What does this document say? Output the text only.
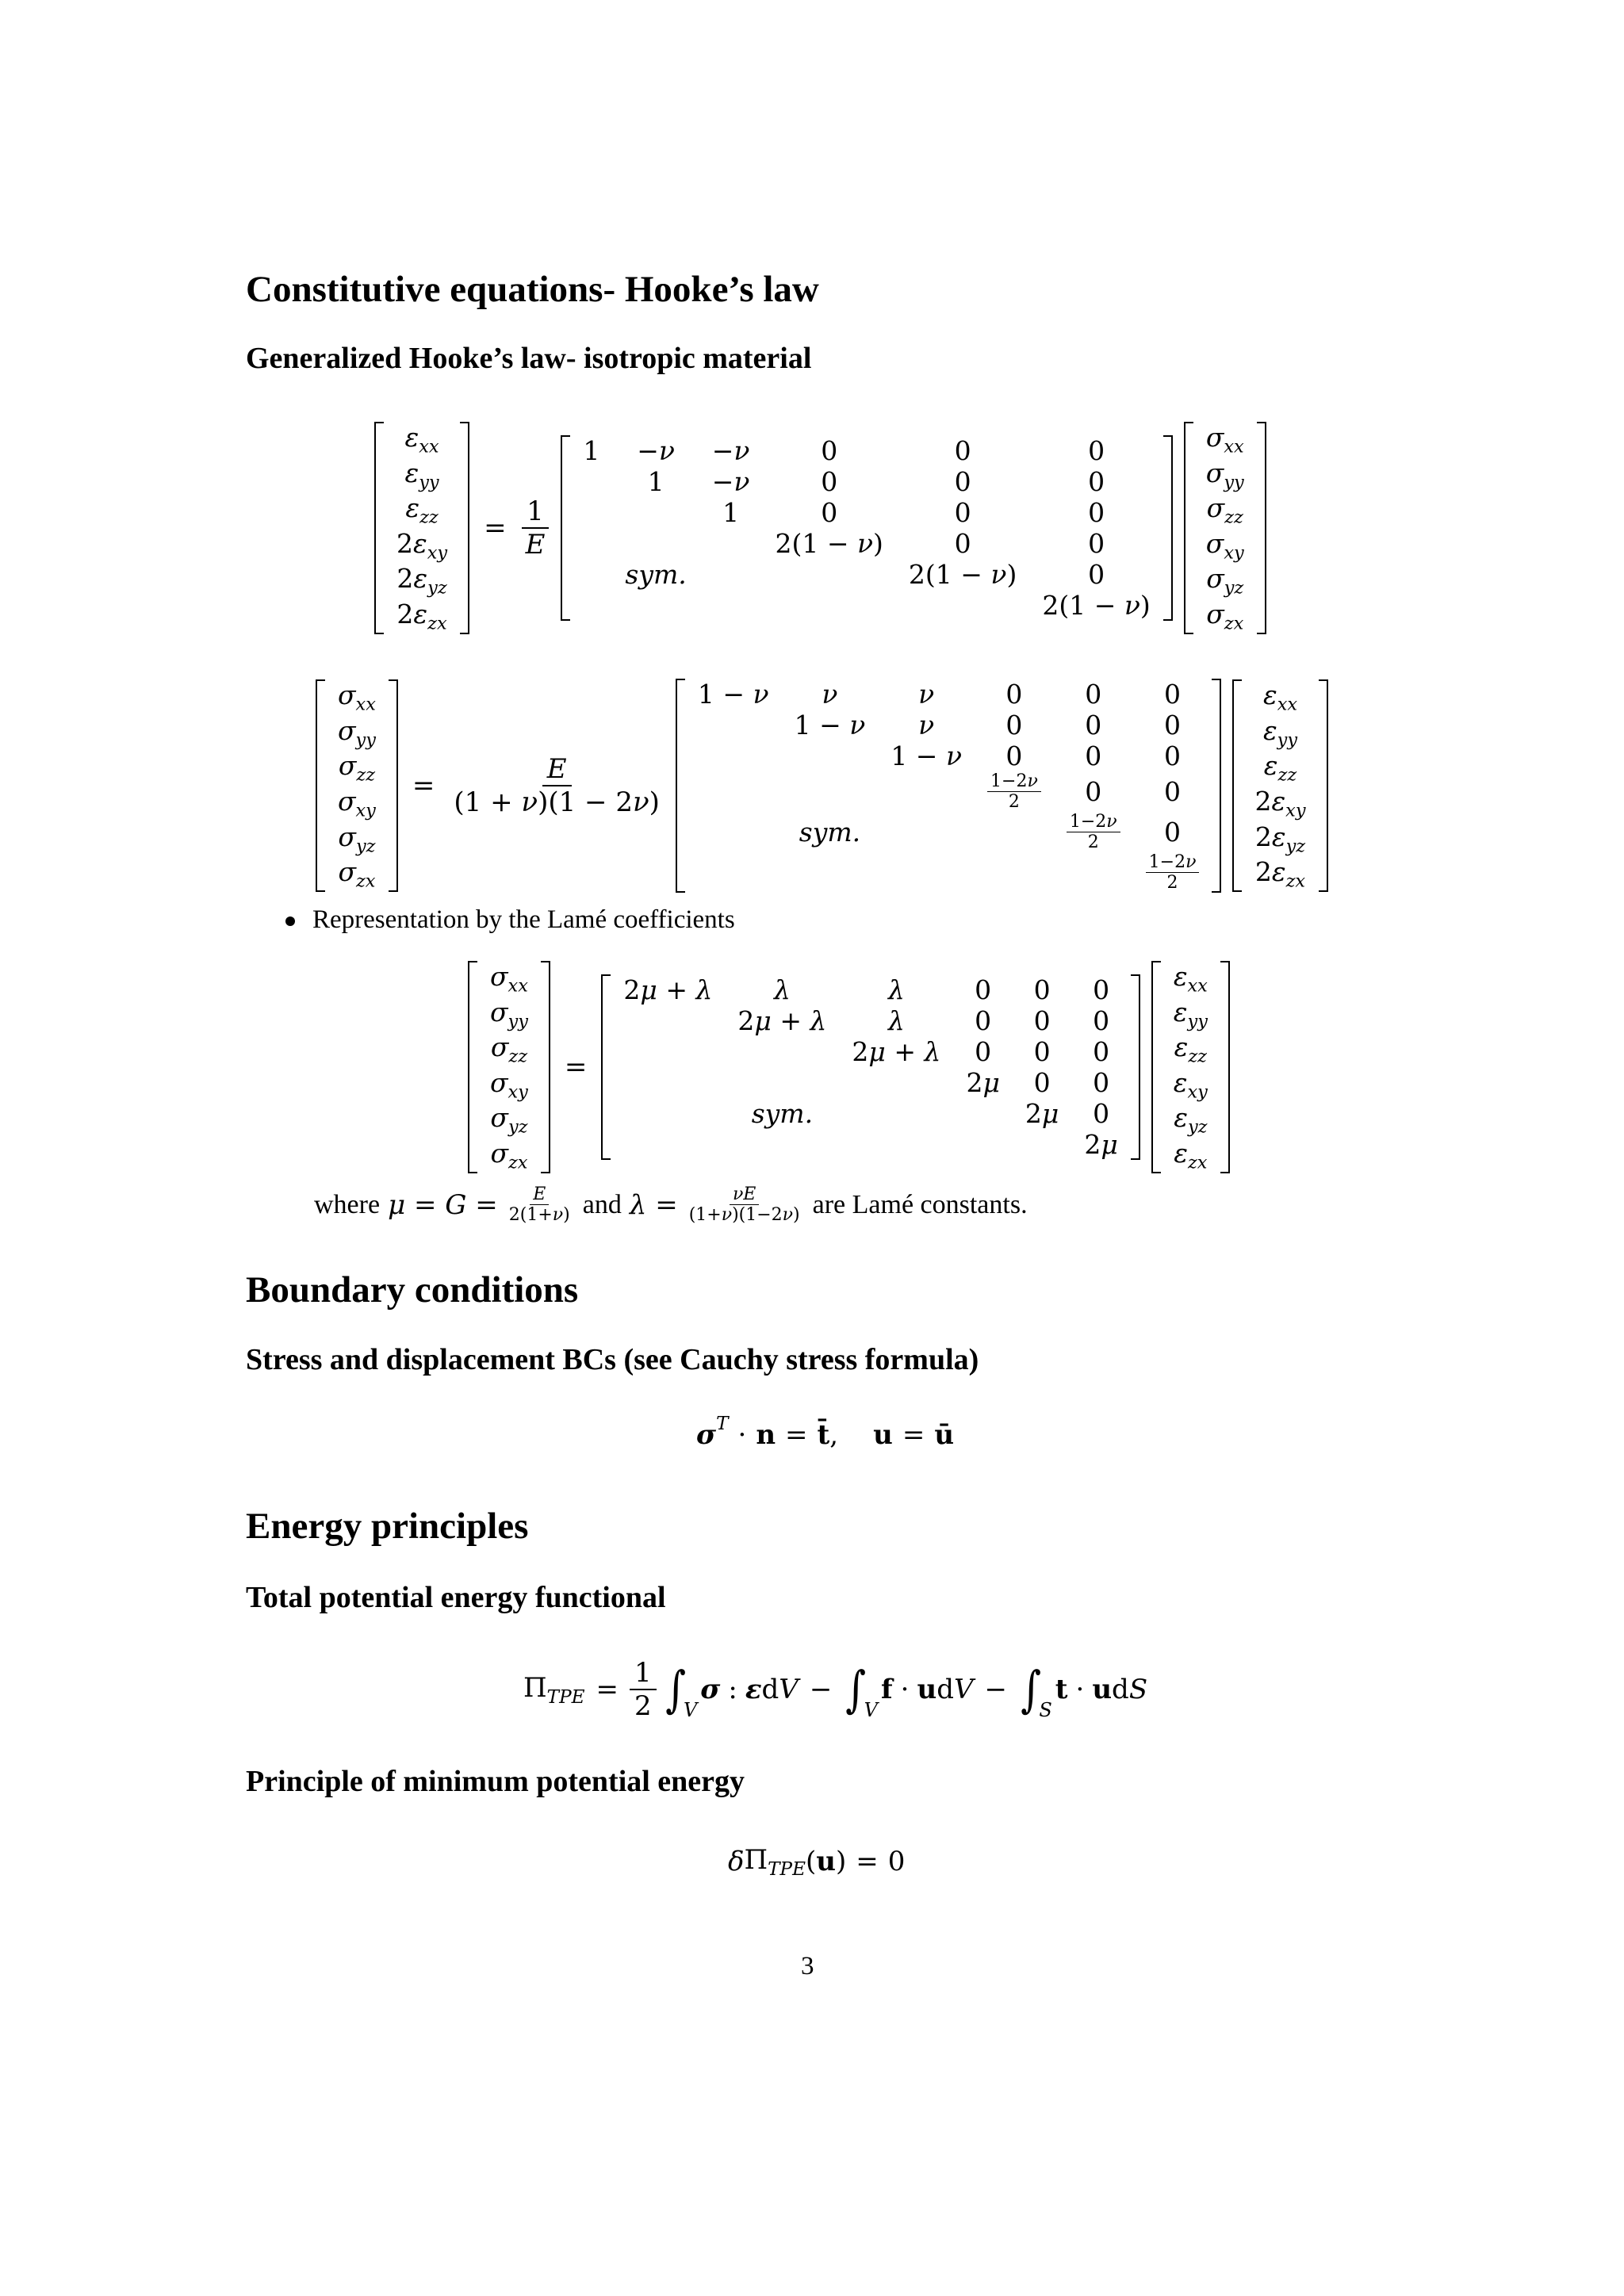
Constitutive equations- Hooke’s law
Generalized Hooke’s law- isotropic material
$\varepsilon_{xx}$
$\varepsilon_{yy}$
$\varepsilon_{zz}$
$2\varepsilon_{xy}$
$2\varepsilon_{yz}$
$2\varepsilon_{zx}$
= $\frac{1}{E}$
1	−ν	−ν	0	0	0
	1	−ν	0	0	0
		1	0	0	0
			2(1 − ν)	0	0
	sym.			2(1 − ν)	0
					2(1 − ν)
$\sigma_{xx}$
$\sigma_{yy}$
$\sigma_{zz}$
$\sigma_{xy}$
$\sigma_{yz}$
$\sigma_{zx}$
$\sigma_{xx}$
$\sigma_{yy}$
$\sigma_{zz}$
$\sigma_{xy}$
$\sigma_{yz}$
$\sigma_{zx}$
= $\frac{E}{(1 + \nu)(1 - 2\nu)}$
1 − ν	ν	ν	0	0	0
	1 − ν	ν	0	0	0
		1 − ν	0	0	0

			$\frac{1-2\nu}{2}$	0	0
	sym.			$\frac{1-2\nu}{2}$	0

					$\frac{1-2\nu}{2}$
$\varepsilon_{xx}$
$\varepsilon_{yy}$
$\varepsilon_{zz}$
$2\varepsilon_{xy}$
$2\varepsilon_{yz}$
$2\varepsilon_{zx}$
Representation by the Lamé coefficients
$\sigma_{xx}$
$\sigma_{yy}$
$\sigma_{zz}$
$\sigma_{xy}$
$\sigma_{yz}$
$\sigma_{zx}$
=
2μ + λ	λ	λ	0	0	0
	2μ + λ	λ	0	0	0
		2μ + λ	0	0	0
			2μ	0	0
	sym.			2μ	0
					2μ
$\varepsilon_{xx}$
$\varepsilon_{yy}$
$\varepsilon_{zz}$
$\varepsilon_{xy}$
$\varepsilon_{yz}$
$\varepsilon_{zx}$
where $\mu = G = \frac{E}{2(1+\nu)}$ and $\lambda = \frac{\nu E}{(1+\nu)(1-2\nu)}$ are Lamé constants.
Boundary conditions
Stress and displacement BCs (see Cauchy stress formula)
$\sigma^T \cdot n$ = t̄ , u = ū
Energy principles
Total potential energy functional
$\Pi_{TPE} = \frac{1}{2}$ ∫
V
σ : ε d V − ∫
V
f · u d V − ∫
S
t · u d S
Principle of minimum potential energy
δ $\Pi_{TPE}$ ( u ) = 0
3
